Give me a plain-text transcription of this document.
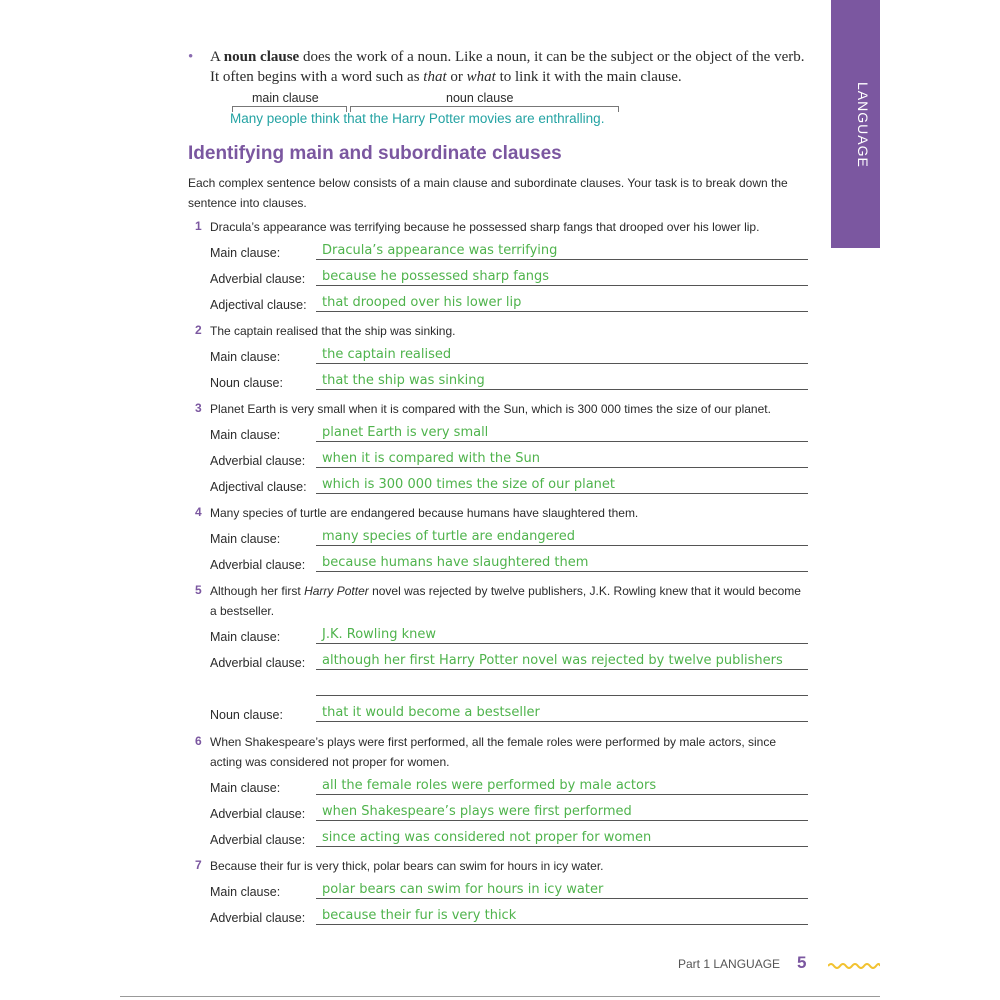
LANGUAGE
• A noun clause does the work of a noun. Like a noun, it can be the subject or the object of the verb. It often begins with a word such as that or what to link it with the main clause.
main clause	noun clause
Many people think that the Harry Potter movies are enthralling.
Identifying main and subordinate clauses
Each complex sentence below consists of a main clause and subordinate clauses. Your task is to break down the sentence into clauses.
1 Dracula’s appearance was terrifying because he possessed sharp fangs that drooped over his lower lip.
Main clause:	Dracula’s appearance was terrifying
Adverbial clause: because he possessed sharp fangs
Adjectival clause: that drooped over his lower lip
2 The captain realised that the ship was sinking.
Main clause:	the captain realised
Noun clause:	that the ship was sinking
3 Planet Earth is very small when it is compared with the Sun, which is 300 000 times the size of our planet.
Main clause:	planet Earth is very small
Adverbial clause: when it is compared with the Sun
Adjectival clause: which is 300 000 times the size of our planet
4 Many species of turtle are endangered because humans have slaughtered them.
Main clause:	many species of turtle are endangered
Adverbial clause: because humans have slaughtered them
5 Although her first Harry Potter novel was rejected by twelve publishers, J.K. Rowling knew that it would become a bestseller.
Main clause:	J.K. Rowling knew
Adverbial clause: although her first Harry Potter novel was rejected by twelve publishers
Noun clause:	that it would become a bestseller
6 When Shakespeare’s plays were first performed, all the female roles were performed by male actors, since acting was considered not proper for women.
Main clause:	all the female roles were performed by male actors
Adverbial clause: when Shakespeare’s plays were first performed
Adverbial clause: since acting was considered not proper for women
7 Because their fur is very thick, polar bears can swim for hours in icy water.
Main clause:	polar bears can swim for hours in icy water
Adverbial clause: because their fur is very thick
Part 1 LANGUAGE 5
